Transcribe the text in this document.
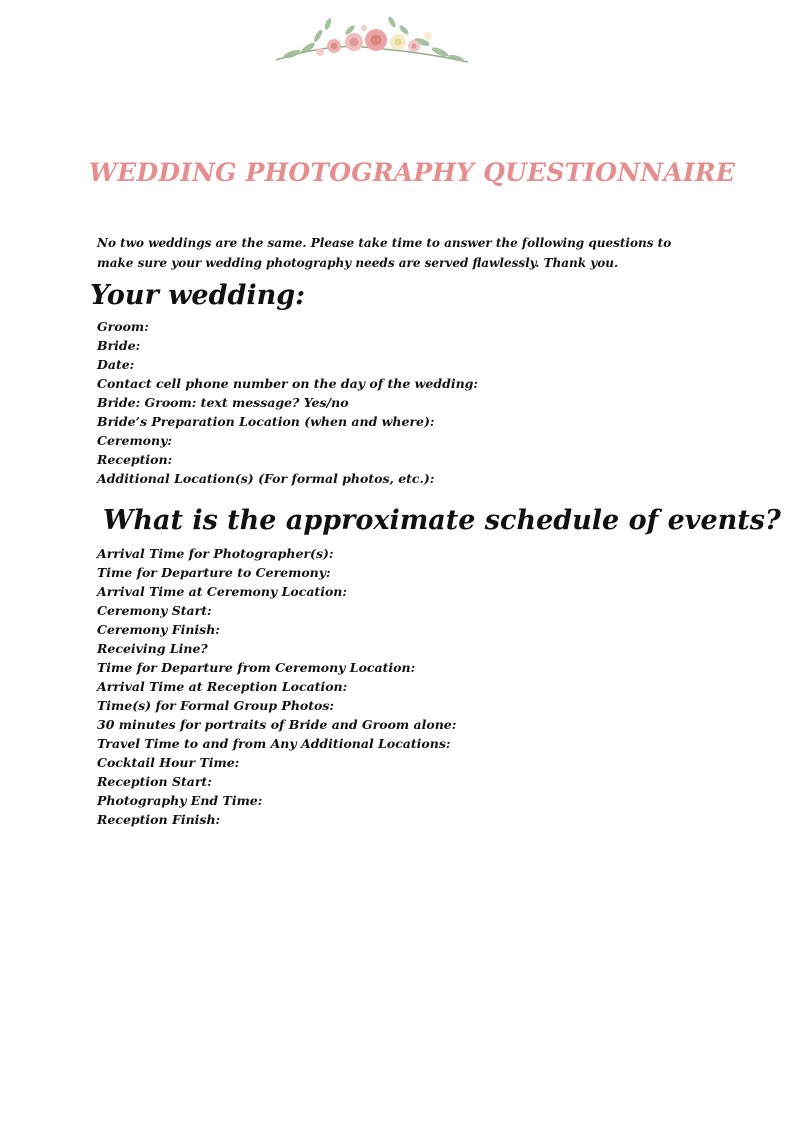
WEDDING PHOTOGRAPHY QUESTIONNAIRE
No two weddings are the same. Please take time to answer the following questions to make sure your wedding photography needs are served flawlessly. Thank you.
Your wedding:
Groom:
Bride:
Date:
Contact cell phone number on the day of the wedding:
Bride: Groom: text message? Yes/no
Bride’s Preparation Location (when and where):
Ceremony:
Reception:
Additional Location(s) (For formal photos, etc.):
What is the approximate schedule of events?
Arrival Time for Photographer(s):
Time for Departure to Ceremony:
Arrival Time at Ceremony Location:
Ceremony Start:
Ceremony Finish:
Receiving Line?
Time for Departure from Ceremony Location:
Arrival Time at Reception Location:
Time(s) for Formal Group Photos:
30 minutes for portraits of Bride and Groom alone:
Travel Time to and from Any Additional Locations:
Cocktail Hour Time:
Reception Start:
Photography End Time:
Reception Finish:
